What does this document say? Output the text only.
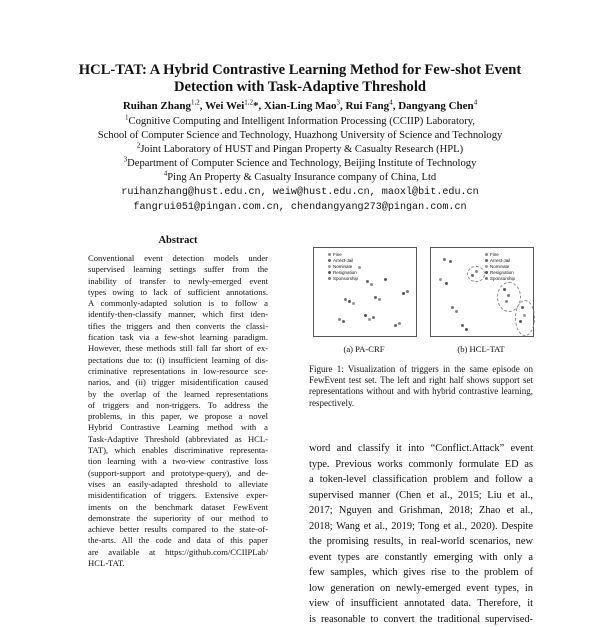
HCL-TAT: A Hybrid Contrastive Learning Method for Few-shot Event
Detection with Task-Adaptive Threshold
Ruihan Zhang$^{1,2}$, Wei Wei$^{1,2}$*, Xian-Ling Mao$^3$, Rui Fang$^4$, Dangyang Chen$^4$
$^1$Cognitive Computing and Intelligent Information Processing (CCIIP) Laboratory,
School of Computer Science and Technology, Huazhong University of Science and Technology
$^2$Joint Laboratory of HUST and Pingan Property & Casualty Research (HPL)
$^3$Department of Computer Science and Technology, Beijing Institute of Technology
$^4$Ping An Property & Casualty Insurance company of China, Ltd
ruihanzhang@hust.edu.cn, weiw@hust.edu.cn, maoxl@bit.edu.cn
fangrui051@pingan.com.cn, chendangyang273@pingan.com.cn
Abstract
Conventional event detection models under
supervised learning settings suffer from the
inability of transfer to newly-emerged event
types owing to lack of sufficient annotations.
A commonly-adapted solution is to follow a
identify-then-classify manner, which first iden-
tifies the triggers and then converts the classi-
fication task via a few-shot learning paradigm.
However, these methods still fall far short of ex-
pectations due to: (i) insufficient learning of dis-
criminative representations in low-resource sce-
narios, and (ii) trigger misidentification caused
by the overlap of the learned representations
of triggers and non-triggers. To address the
problems, in this paper, we propose a novel
Hybrid Contrastive Learning method with a
Task-Adaptive Threshold (abbreviated as HCL-
TAT), which enables discriminative representa-
tion learning with a two-view contrastive loss
(support-support and prototype-query), and de-
vises an easily-adapted threshold to alleviate
misidentification of triggers. Extensive exper-
iments on the benchmark dataset FewEvent
demonstrate the superiority of our method to
achieve better results compared to the state-of-
the-arts. All the code and data of this paper
are available at https://github.com/CCIIPLab/
HCL-TAT.
Fine
Arrest-Jail
Nominate
Resignation
Sponsorship
Fine
Arrest-Jail
Nominate
Resignation
Sponsorship
(a) PA-CRF	(b) HCL-TAT
Figure 1: Visualization of triggers in the same episode on FewEvent test set. The left and right half shows support set representations without and with hybrid contrastive learning, respectively.
word and classify it into “Conflict.Attack” event
type. Previous works commonly formulate ED as
a token-level classification problem and follow a
supervised manner (Chen et al., 2015; Liu et al.,
2017; Nguyen and Grishman, 2018; Zhao et al.,
2018; Wang et al., 2019; Tong et al., 2020). Despite
the promising results, in real-world scenarios, new
event types are constantly emerging with only a
few samples, which gives rise to the problem of
low generation on newly-emerged event types, in
view of insufficient annotated data. Therefore, it
is reasonable to convert the traditional supervised-
